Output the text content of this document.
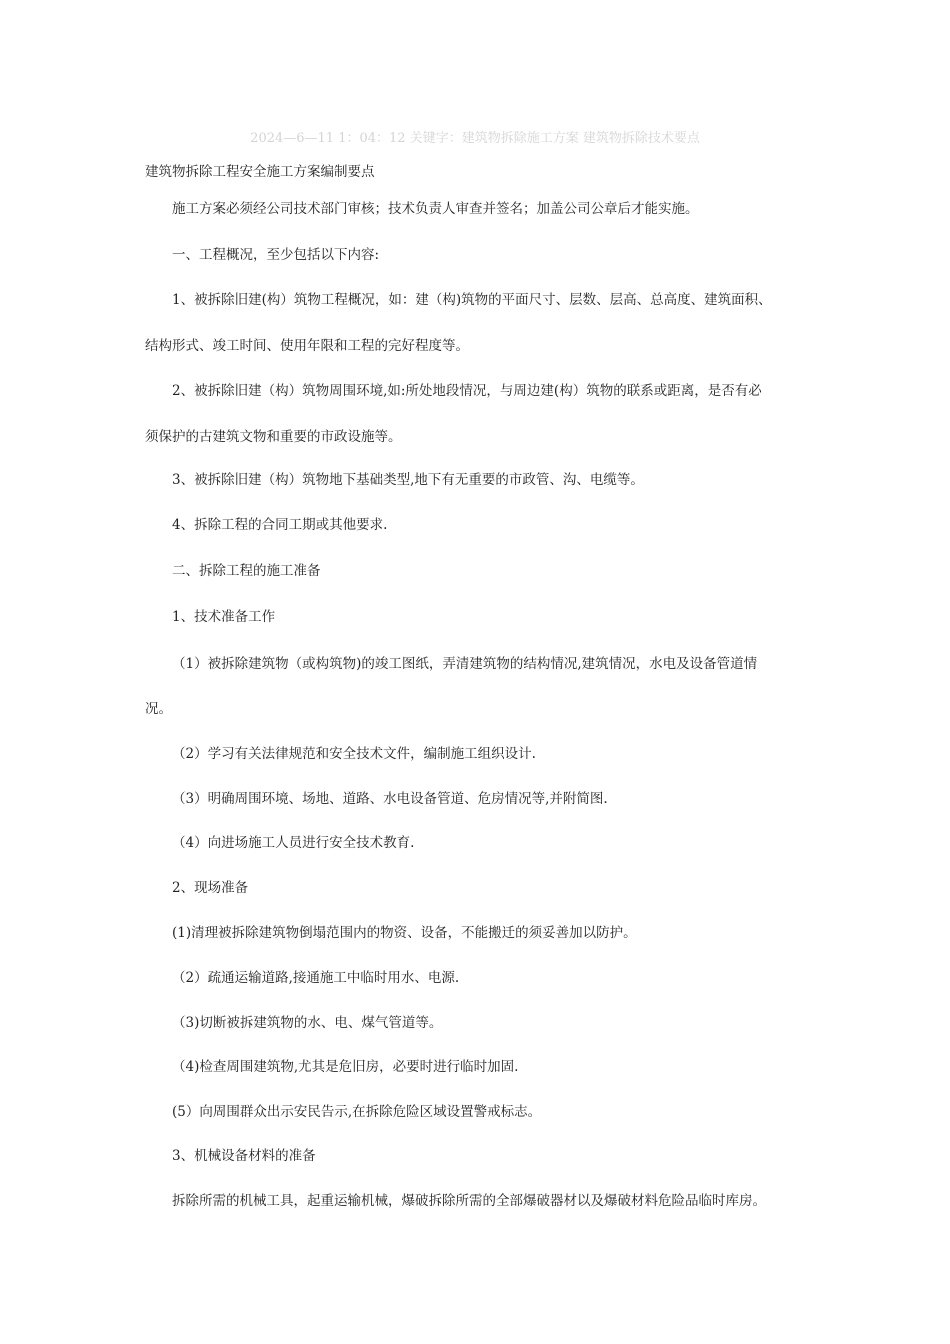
2024—6—11 1：04：12 关键字：建筑物拆除施工方案 建筑物拆除技术要点
建筑物拆除工程安全施工方案编制要点
施工方案必须经公司技术部门审核；技术负责人审查并签名；加盖公司公章后才能实施。
一、工程概况，至少包括以下内容:
1、被拆除旧建(构）筑物工程概况，如：建（构)筑物的平面尺寸、层数、层高、总高度、建筑面积、
结构形式、竣工时间、使用年限和工程的完好程度等。
2、被拆除旧建（构）筑物周围环境,如:所处地段情况，与周边建(构）筑物的联系或距离，是否有必
须保护的古建筑文物和重要的市政设施等。
3、被拆除旧建（构）筑物地下基础类型,地下有无重要的市政管、沟、电缆等。
4、拆除工程的合同工期或其他要求.
二、拆除工程的施工准备
1、技术准备工作
（1）被拆除建筑物（或构筑物)的竣工图纸，弄清建筑物的结构情况,建筑情况，水电及设备管道情
况。
（2）学习有关法律规范和安全技术文件，编制施工组织设计.
（3）明确周围环境、场地、道路、水电设备管道、危房情况等,并附简图.
（4）向进场施工人员进行安全技术教育.
2、现场准备
(1)清理被拆除建筑物倒塌范围内的物资、设备，不能搬迁的须妥善加以防护。
（2）疏通运输道路,接通施工中临时用水、电源.
（3)切断被拆建筑物的水、电、煤气管道等。
（4)检查周围建筑物,尤其是危旧房，必要时进行临时加固.
(5）向周围群众出示安民告示,在拆除危险区域设置警戒标志。
3、机械设备材料的准备
拆除所需的机械工具，起重运输机械，爆破拆除所需的全部爆破器材以及爆破材料危险品临时库房。
